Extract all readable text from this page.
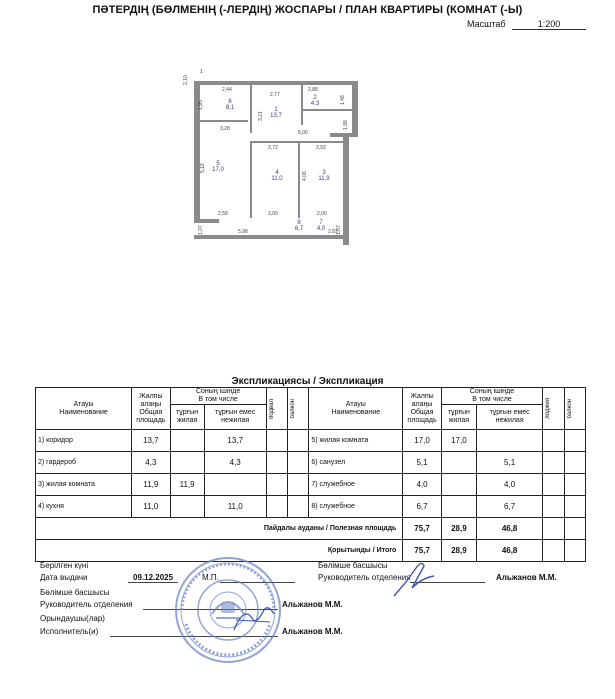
ПӘТЕРДІҢ (БӨЛМЕНІҢ (-ЛЕРДІҢ) ЖОСПАРЫ / ПЛАН КВАРТИРЫ (КОМНАТ (-Ы)
Масштаб	1:200
6
8,1	1
13,7
2
4,3
5
17,0	4
11,0
3
11,9
8
6,7
7
4,0
1,95
2,44
2,77
2,88
3,21
1,48
3,28
5,00
1,98
2,72	2,92
5,18
4,06
2,58	2,00	2,00
1,07	5,98	2,83
1,07
2,10
1
Экспликациясы / Экспликация
Атауы
Наименование	Жалпы
алаңы
Общая
площадь	Соның ішінде
В том числе		подвал	балкон	Атауы
Наименование	Жалпы
алаңы
Общая
площадь	Соның ішінде
В том числе		лоджия	балкон

		тұрғын
жилая	тұрғын емес
нежилая					тұрғын
жилая	тұрғын емес
нежилая		
1) коридор	13,7		13,7			5) жилая комната	17,0	17,0			
2) гардероб	4,3		4,3			6) санузел	5,1		5,1		
3) жилая комната	11,9	11,9				7) служебное	4,0		4,0		
4) кухня	11,0		11,0			8) служебное	6,7		6,7		
Пайдалы ауданы / Полезная площадь							75,7	28,9	46,8		
Қорытынды / Итого							75,7	28,9	46,8		
Берілген күні
Дата выдачи	09.12.2025	М.П.
Бөлімше басшысы
Руководитель отделения	Альжанов М.М.
Бөлімше басшысы
Руководитель отделения	Альжанов М.М.
Орындаушы(лар)
Исполнитель(и)	Альжанов М.М.
